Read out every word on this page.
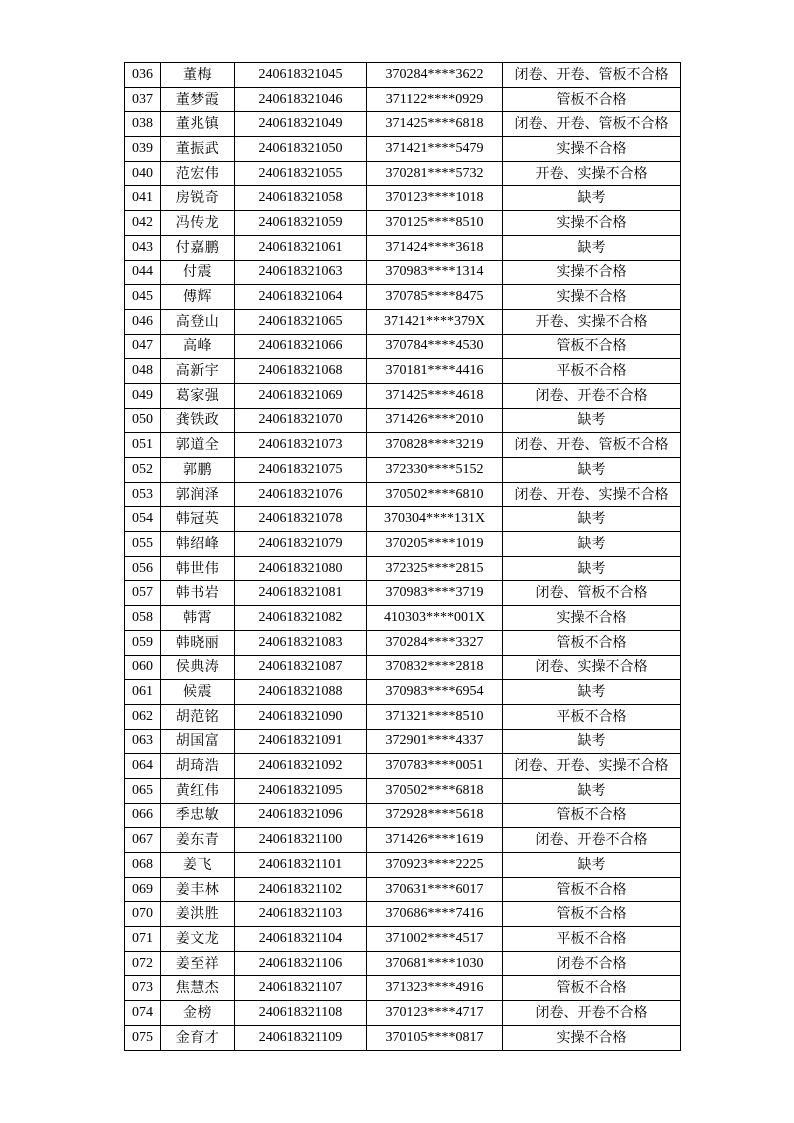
036	董梅	240618321045	370284****3622	闭卷、开卷、管板不合格
037	董梦霞	240618321046	371122****0929	管板不合格
038	董兆镇	240618321049	371425****6818	闭卷、开卷、管板不合格
039	董振武	240618321050	371421****5479	实操不合格
040	范宏伟	240618321055	370281****5732	开卷、实操不合格
041	房锐奇	240618321058	370123****1018	缺考
042	冯传龙	240618321059	370125****8510	实操不合格
043	付嘉鹏	240618321061	371424****3618	缺考
044	付震	240618321063	370983****1314	实操不合格
045	傅辉	240618321064	370785****8475	实操不合格
046	高登山	240618321065	371421****379X	开卷、实操不合格
047	高峰	240618321066	370784****4530	管板不合格
048	高新宇	240618321068	370181****4416	平板不合格
049	葛家强	240618321069	371425****4618	闭卷、开卷不合格
050	龚铁政	240618321070	371426****2010	缺考
051	郭道全	240618321073	370828****3219	闭卷、开卷、管板不合格
052	郭鹏	240618321075	372330****5152	缺考
053	郭润泽	240618321076	370502****6810	闭卷、开卷、实操不合格
054	韩冠英	240618321078	370304****131X	缺考
055	韩绍峰	240618321079	370205****1019	缺考
056	韩世伟	240618321080	372325****2815	缺考
057	韩书岩	240618321081	370983****3719	闭卷、管板不合格
058	韩霄	240618321082	410303****001X	实操不合格
059	韩晓丽	240618321083	370284****3327	管板不合格
060	侯典涛	240618321087	370832****2818	闭卷、实操不合格
061	候震	240618321088	370983****6954	缺考
062	胡范铭	240618321090	371321****8510	平板不合格
063	胡国富	240618321091	372901****4337	缺考
064	胡琦浩	240618321092	370783****0051	闭卷、开卷、实操不合格
065	黄红伟	240618321095	370502****6818	缺考
066	季忠敏	240618321096	372928****5618	管板不合格
067	姜东青	240618321100	371426****1619	闭卷、开卷不合格
068	姜飞	240618321101	370923****2225	缺考
069	姜丰林	240618321102	370631****6017	管板不合格
070	姜洪胜	240618321103	370686****7416	管板不合格
071	姜文龙	240618321104	371002****4517	平板不合格
072	姜至祥	240618321106	370681****1030	闭卷不合格
073	焦慧杰	240618321107	371323****4916	管板不合格
074	金榜	240618321108	370123****4717	闭卷、开卷不合格
075	金育才	240618321109	370105****0817	实操不合格
